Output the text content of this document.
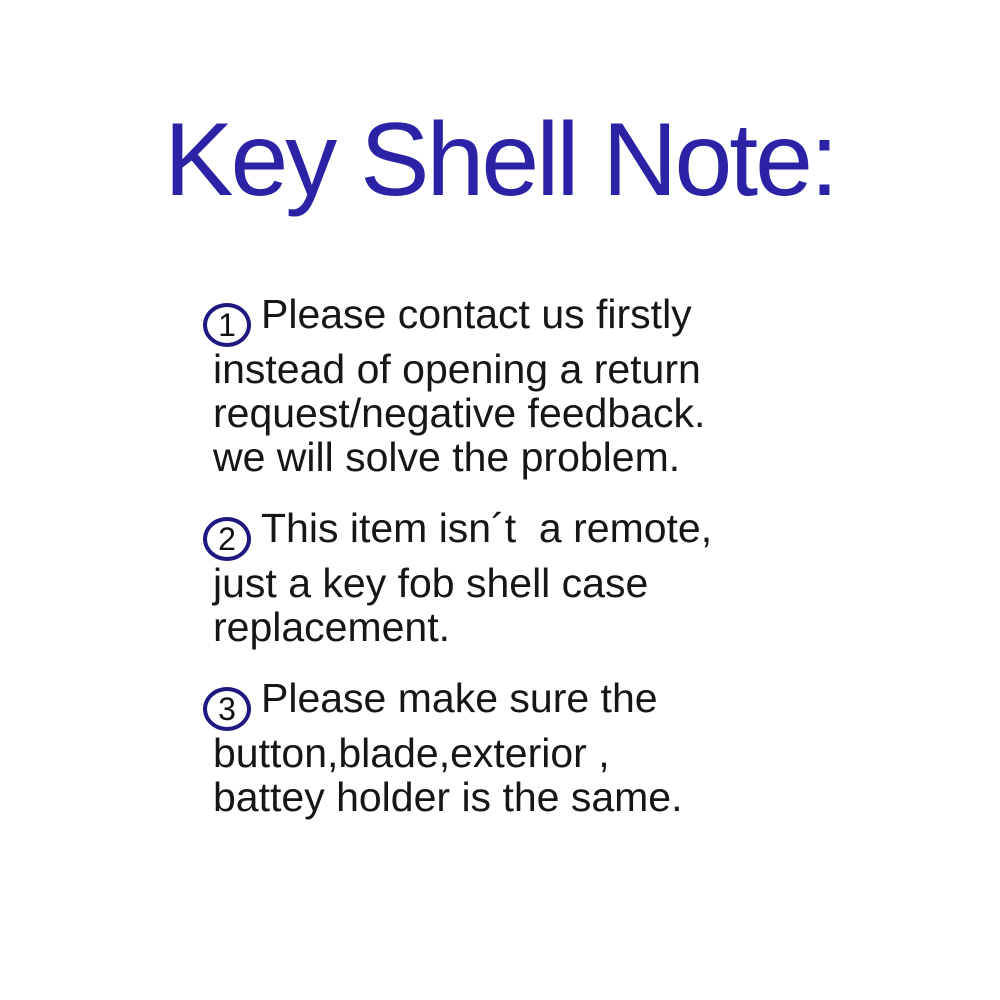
Key Shell Note:
1 Please contact us firstly
instead of opening a return
request/negative feedback.
we will solve the problem.
2 This item isn´t  a remote,
just a key fob shell case
replacement.
3 Please make sure the
button,blade,exterior ,
battey holder is the same.
